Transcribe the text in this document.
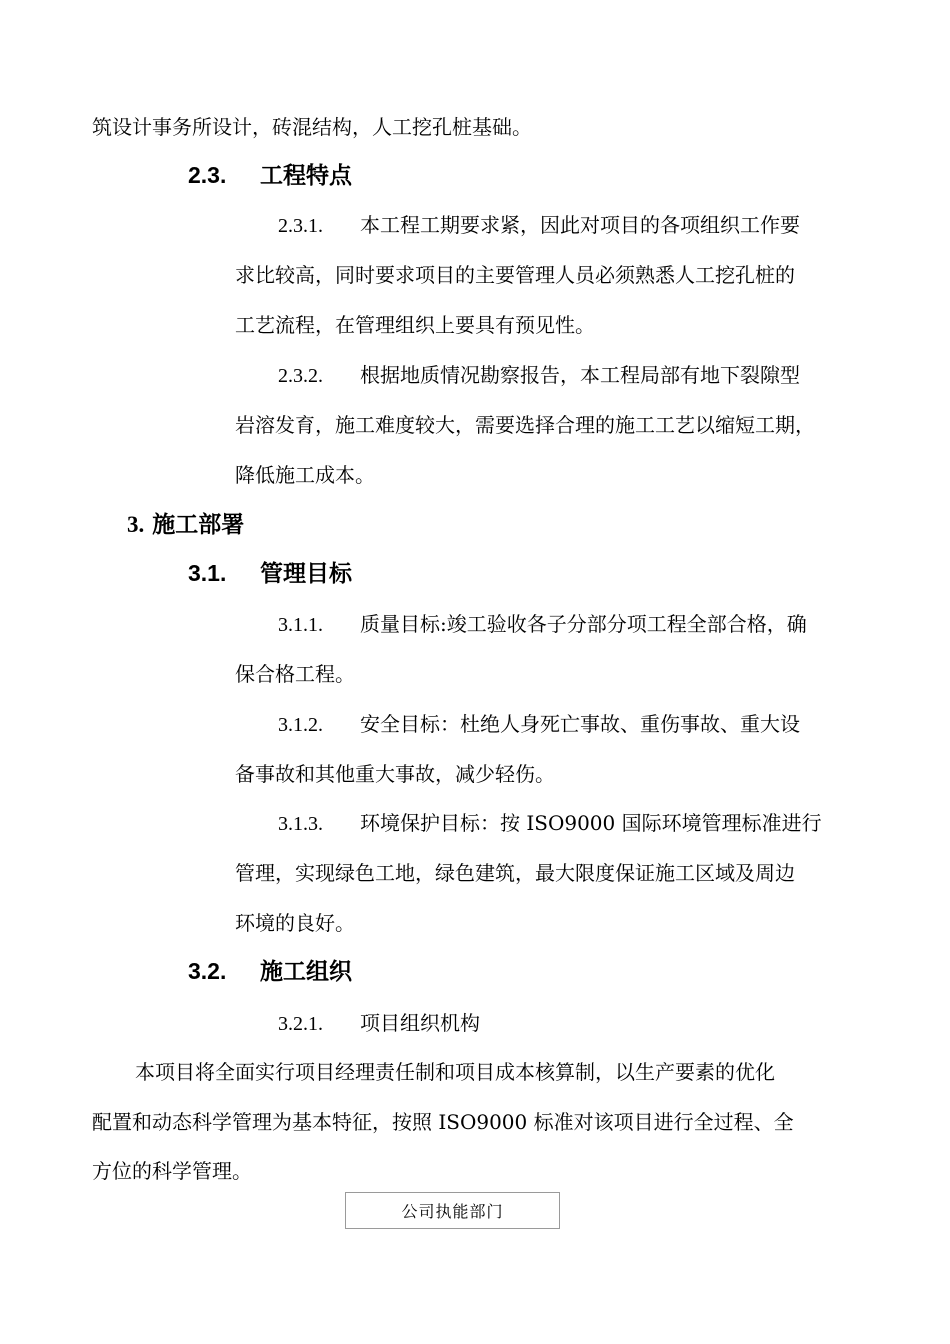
筑设计事务所设计，砖混结构，人工挖孔桩基础。
2.3. 工程特点
2.3.1. 本工程工期要求紧，因此对项目的各项组织工作要
求比较高，同时要求项目的主要管理人员必须熟悉人工挖孔桩的
工艺流程，在管理组织上要具有预见性。
2.3.2. 根据地质情况勘察报告，本工程局部有地下裂隙型
岩溶发育，施工难度较大，需要选择合理的施工工艺以缩短工期，
降低施工成本。
3. 施工部署
3.1. 管理目标
3.1.1. 质量目标:竣工验收各子分部分项工程全部合格，确
保合格工程。
3.1.2. 安全目标：杜绝人身死亡事故、重伤事故、重大设
备事故和其他重大事故，减少轻伤。
3.1.3. 环境保护目标：按 ISO9000 国际环境管理标准进行
管理，实现绿色工地，绿色建筑，最大限度保证施工区域及周边
环境的良好。
3.2. 施工组织
3.2.1. 项目组织机构
本项目将全面实行项目经理责任制和项目成本核算制，以生产要素的优化
配置和动态科学管理为基本特征，按照 ISO9000 标准对该项目进行全过程、全
方位的科学管理。
公司执能部门
